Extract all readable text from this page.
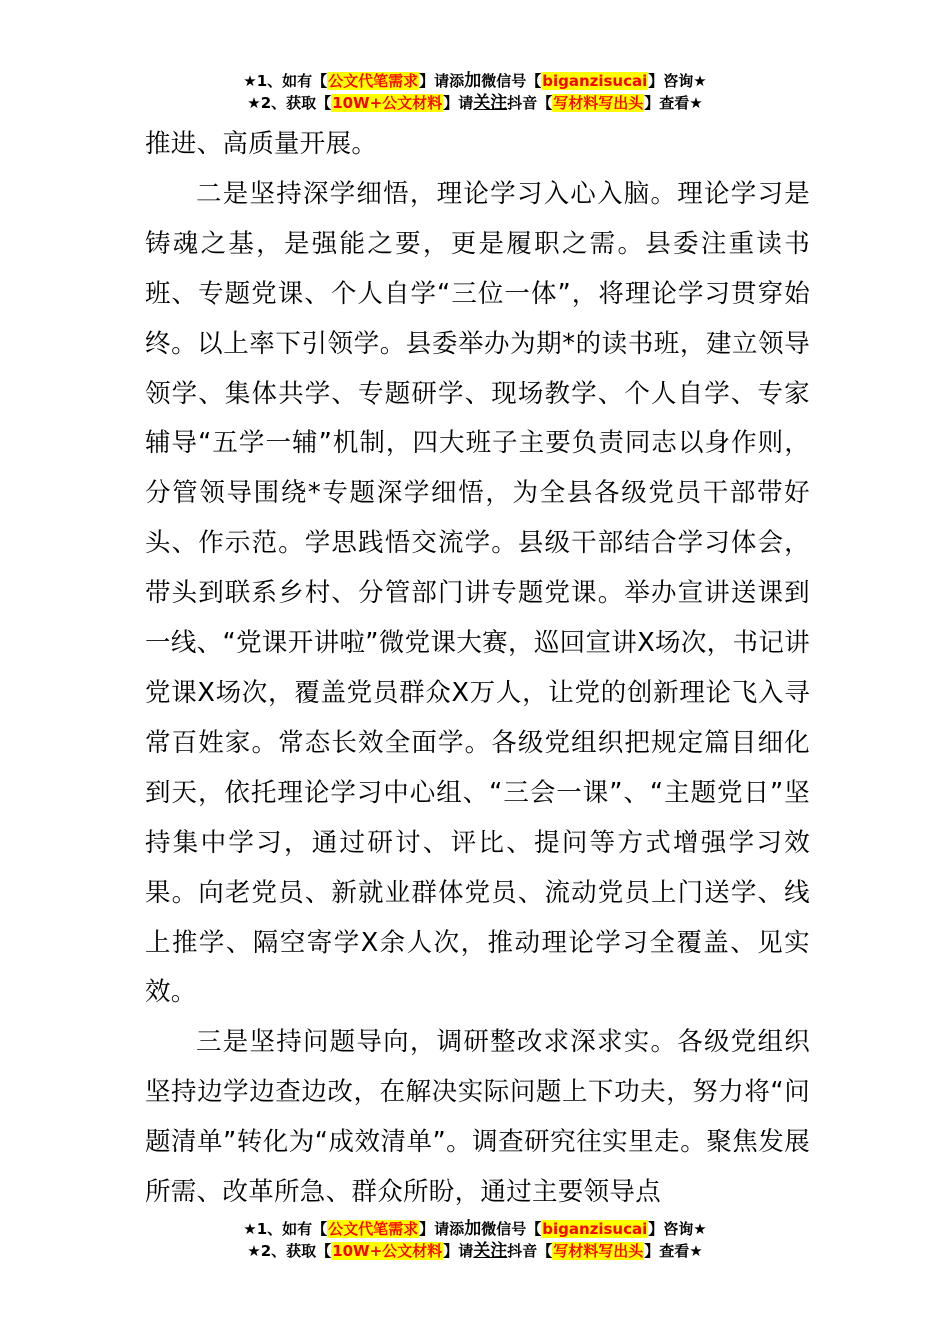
★1、如有【公文代笔需求】请添加微信号【biganzisucai】咨询★
★2、获取【10W+公文材料】请关注抖音【写材料写出头】查看★

推进、高质量开展。

二是坚持深学细悟，理论学习入心入脑。理论学习是铸魂之基，是强能之要，更是履职之需。县委注重读书班、专题党课、个人自学“三位一体”，将理论学习贯穿始终。以上率下引领学。县委举办为期*的读书班，建立领导领学、集体共学、专题研学、现场教学、个人自学、专家辅导“五学一辅”机制，四大班子主要负责同志以身作则，分管领导围绕*专题深学细悟，为全县各级党员干部带好头、作示范。学思践悟交流学。县级干部结合学习体会，带头到联系乡村、分管部门讲专题党课。举办宣讲送课到一线、“党课开讲啦”微党课大赛，巡回宣讲X场次，书记讲党课X场次，覆盖党员群众X万人，让党的创新理论飞入寻常百姓家。常态长效全面学。各级党组织把规定篇目细化到天，依托理论学习中心组、“三会一课”、“主题党日”坚持集中学习，通过研讨、评比、提问等方式增强学习效果。向老党员、新就业群体党员、流动党员上门送学、线上推学、隔空寄学X余人次，推动理论学习全覆盖、见实效。

三是坚持问题导向，调研整改求深求实。各级党组织坚持边学边查边改，在解决实际问题上下功夫，努力将“问题清单”转化为“成效清单”。调查研究往实里走。聚焦发展所需、改革所急、群众所盼，通过主要领导点

★1、如有【公文代笔需求】请添加微信号【biganzisucai】咨询★
★2、获取【10W+公文材料】请关注抖音【写材料写出头】查看★
